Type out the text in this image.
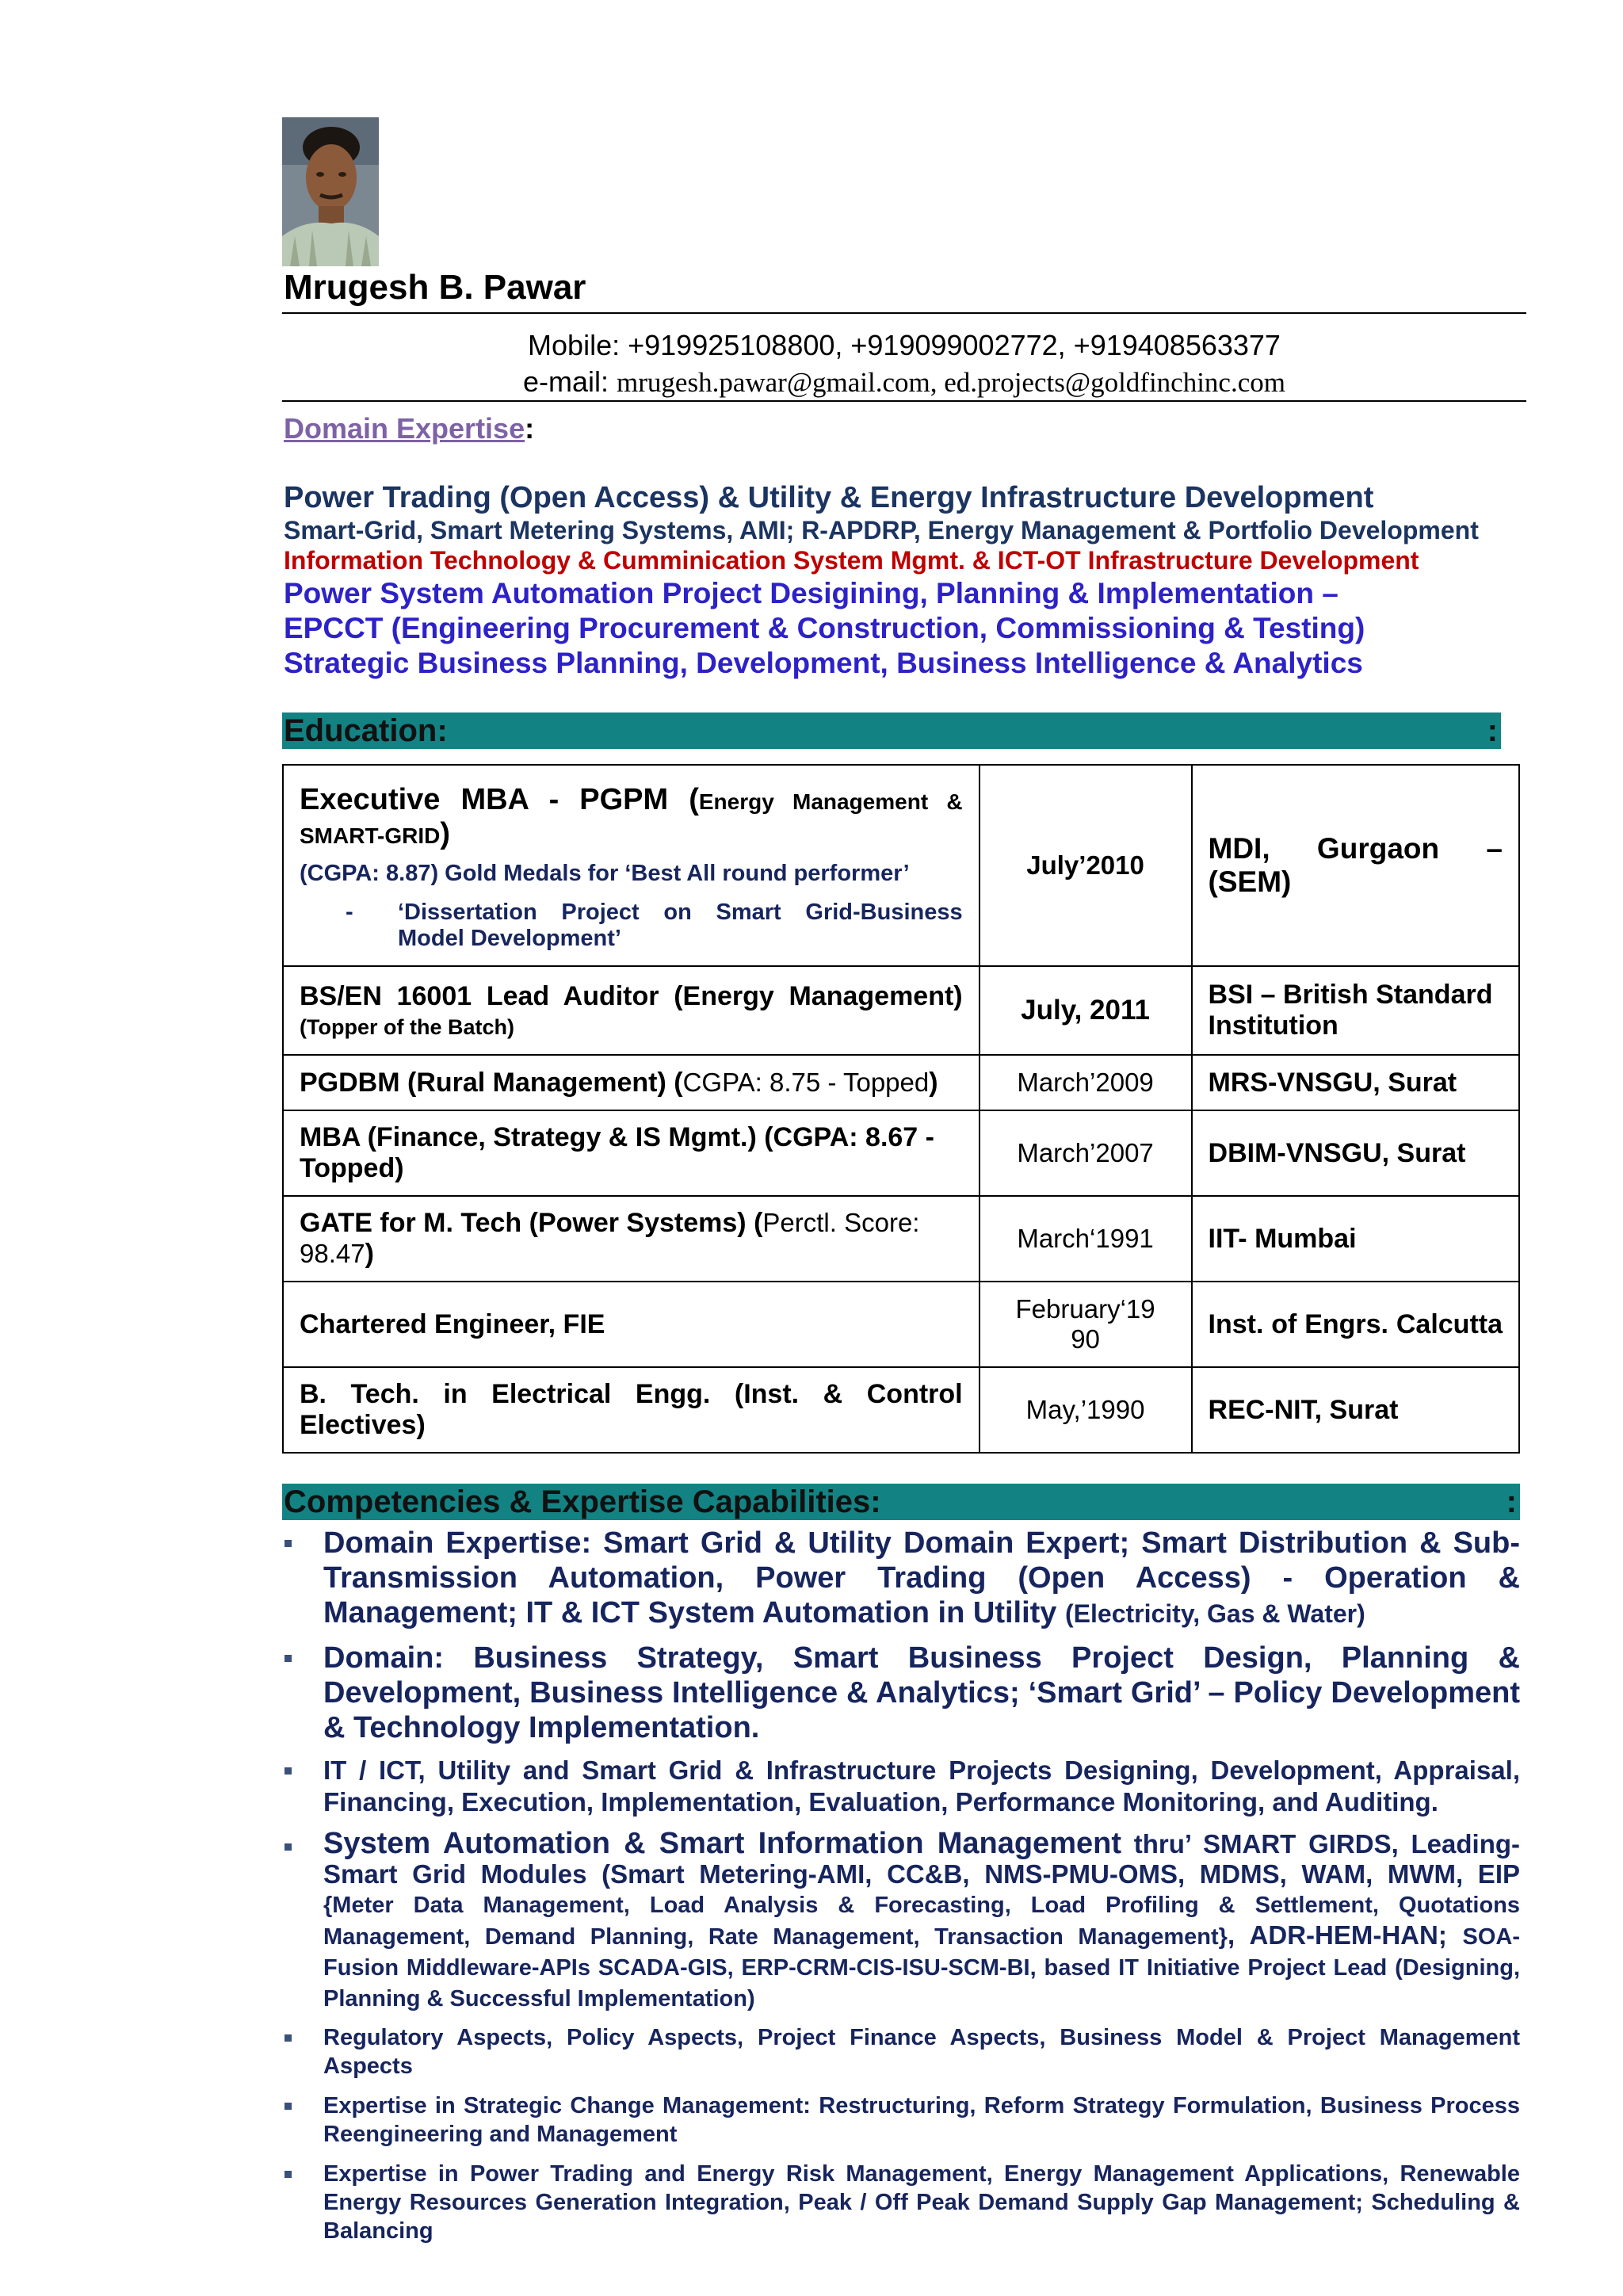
Mrugesh B. Pawar
Mobile: +919925108800, +919099002772, +919408563377
e-mail: mrugesh.pawar@gmail.com, ed.projects@goldfinchinc.com
Domain Expertise:
Power Trading (Open Access) & Utility & Energy Infrastructure Development
Smart-Grid, Smart Metering Systems, AMI; R-APDRP, Energy Management & Portfolio Development
Information Technology & Cumminication System Mgmt. & ICT-OT Infrastructure Development
Power System Automation Project Desigining, Planning & Implementation –
EPCCT (Engineering Procurement & Construction, Commissioning & Testing)
Strategic Business Planning, Development, Business Intelligence & Analytics
Education:	:
Executive MBA - PGPM (Energy Management & SMART-GRID)
(CGPA: 8.87) Gold Medals for ‘Best All round performer’
- ‘Dissertation Project on Smart Grid-Business Model Development’	July’2010	MDI, Gurgaon – (SEM)

BS/EN 16001 Lead Auditor (Energy Management)
(Topper of the Batch)	July, 2011	BSI – British Standard Institution
PGDBM (Rural Management) (CGPA: 8.75 - Topped)	March’2009	MRS-VNSGU, Surat
MBA (Finance, Strategy & IS Mgmt.) (CGPA: 8.67 -Topped)	March’2007	DBIM-VNSGU, Surat
GATE for M. Tech (Power Systems) (Perctl. Score: 98.47)	March‘1991	IIT- Mumbai
Chartered Engineer, FIE	February‘19 90	Inst. of Engrs. Calcutta

B. Tech. in Electrical Engg. (Inst. & Control Electives)	May,’1990	REC-NIT, Surat
Competencies & Expertise Capabilities:	:
Domain Expertise: Smart Grid & Utility Domain Expert; Smart Distribution & Sub-Transmission Automation, Power Trading (Open Access) - Operation & Management; IT & ICT System Automation in Utility (Electricity, Gas & Water)
Domain: Business Strategy, Smart Business Project Design, Planning & Development, Business Intelligence & Analytics; ‘Smart Grid’ – Policy Development & Technology Implementation.
IT / ICT, Utility and Smart Grid & Infrastructure Projects Designing, Development, Appraisal, Financing, Execution, Implementation, Evaluation, Performance Monitoring, and Auditing.
System Automation & Smart Information Management thru’ SMART GIRDS, Leading-Smart Grid Modules (Smart Metering-AMI, CC&B, NMS-PMU-OMS, MDMS, WAM, MWM, EIP {Meter Data Management, Load Analysis & Forecasting, Load Profiling & Settlement, Quotations Management, Demand Planning, Rate Management, Transaction Management}, ADR-HEM-HAN; SOA-Fusion Middleware-APIs SCADA-GIS, ERP-CRM-CIS-ISU-SCM-BI, based IT Initiative Project Lead (Designing, Planning & Successful Implementation)
Regulatory Aspects, Policy Aspects, Project Finance Aspects, Business Model & Project Management Aspects
Expertise in Strategic Change Management: Restructuring, Reform Strategy Formulation, Business Process Reengineering and Management
Expertise in Power Trading and Energy Risk Management, Energy Management Applications, Renewable Energy Resources Generation Integration, Peak / Off Peak Demand Supply Gap Management; Scheduling & Balancing
